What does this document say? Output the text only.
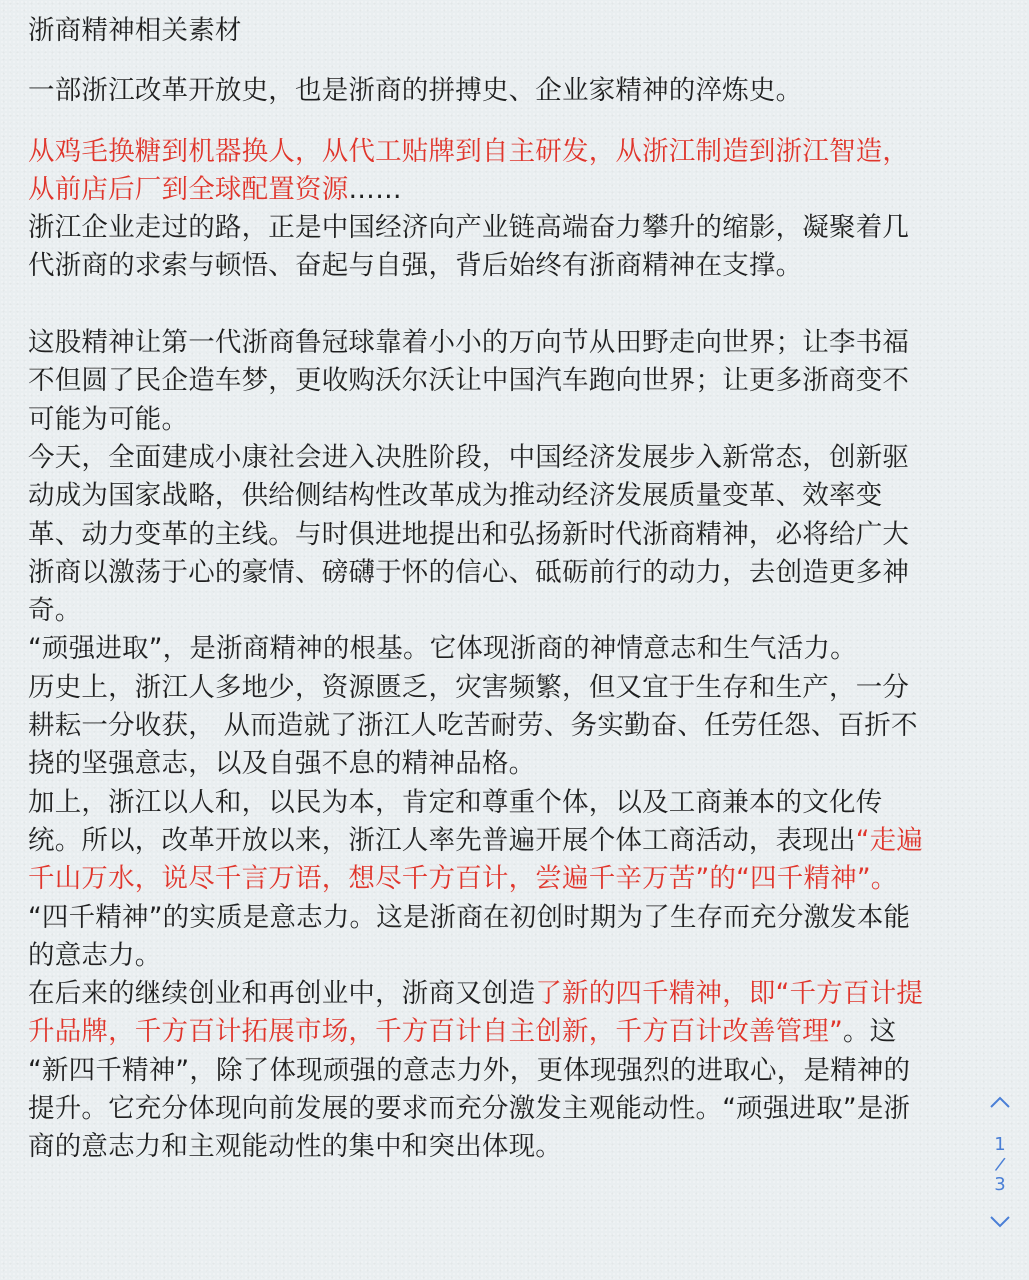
浙商精神相关素材
一部浙江改革开放史，也是浙商的拼搏史、企业家精神的淬炼史。
从鸡毛换糖到机器换人，从代工贴牌到自主研发，从浙江制造到浙江智造，
从前店后厂到全球配置资源……
浙江企业走过的路，正是中国经济向产业链高端奋力攀升的缩影，凝聚着几
代浙商的求索与顿悟、奋起与自强，背后始终有浙商精神在支撑。
这股精神让第一代浙商鲁冠球靠着小小的万向节从田野走向世界；让李书福
不但圆了民企造车梦，更收购沃尔沃让中国汽车跑向世界；让更多浙商变不
可能为可能。
今天，全面建成小康社会进入决胜阶段，中国经济发展步入新常态，创新驱
动成为国家战略，供给侧结构性改革成为推动经济发展质量变革、效率变
革、动力变革的主线。与时俱进地提出和弘扬新时代浙商精神，必将给广大
浙商以激荡于心的豪情、磅礴于怀的信心、砥砺前行的动力，去创造更多神
奇。
“顽强进取”，是浙商精神的根基。它体现浙商的神情意志和生气活力。
历史上，浙江人多地少，资源匮乏，灾害频繁，但又宜于生存和生产，一分
耕耘一分收获， 从而造就了浙江人吃苦耐劳、务实勤奋、任劳任怨、百折不
挠的坚强意志，以及自强不息的精神品格。
加上，浙江以人和，以民为本，肯定和尊重个体，以及工商兼本的文化传
统。所以，改革开放以来，浙江人率先普遍开展个体工商活动，表现出“走遍
千山万水，说尽千言万语，想尽千方百计，尝遍千辛万苦”的“四千精神”。
“四千精神”的实质是意志力。这是浙商在初创时期为了生存而充分激发本能
的意志力。
在后来的继续创业和再创业中，浙商又创造了新的四千精神，即“千方百计提
升品牌，千方百计拓展市场，千方百计自主创新，千方百计改善管理”。这
“新四千精神”，除了体现顽强的意志力外，更体现强烈的进取心，是精神的
提升。它充分体现向前发展的要求而充分激发主观能动性。“顽强进取”是浙
商的意志力和主观能动性的集中和突出体现。	1
/
3
